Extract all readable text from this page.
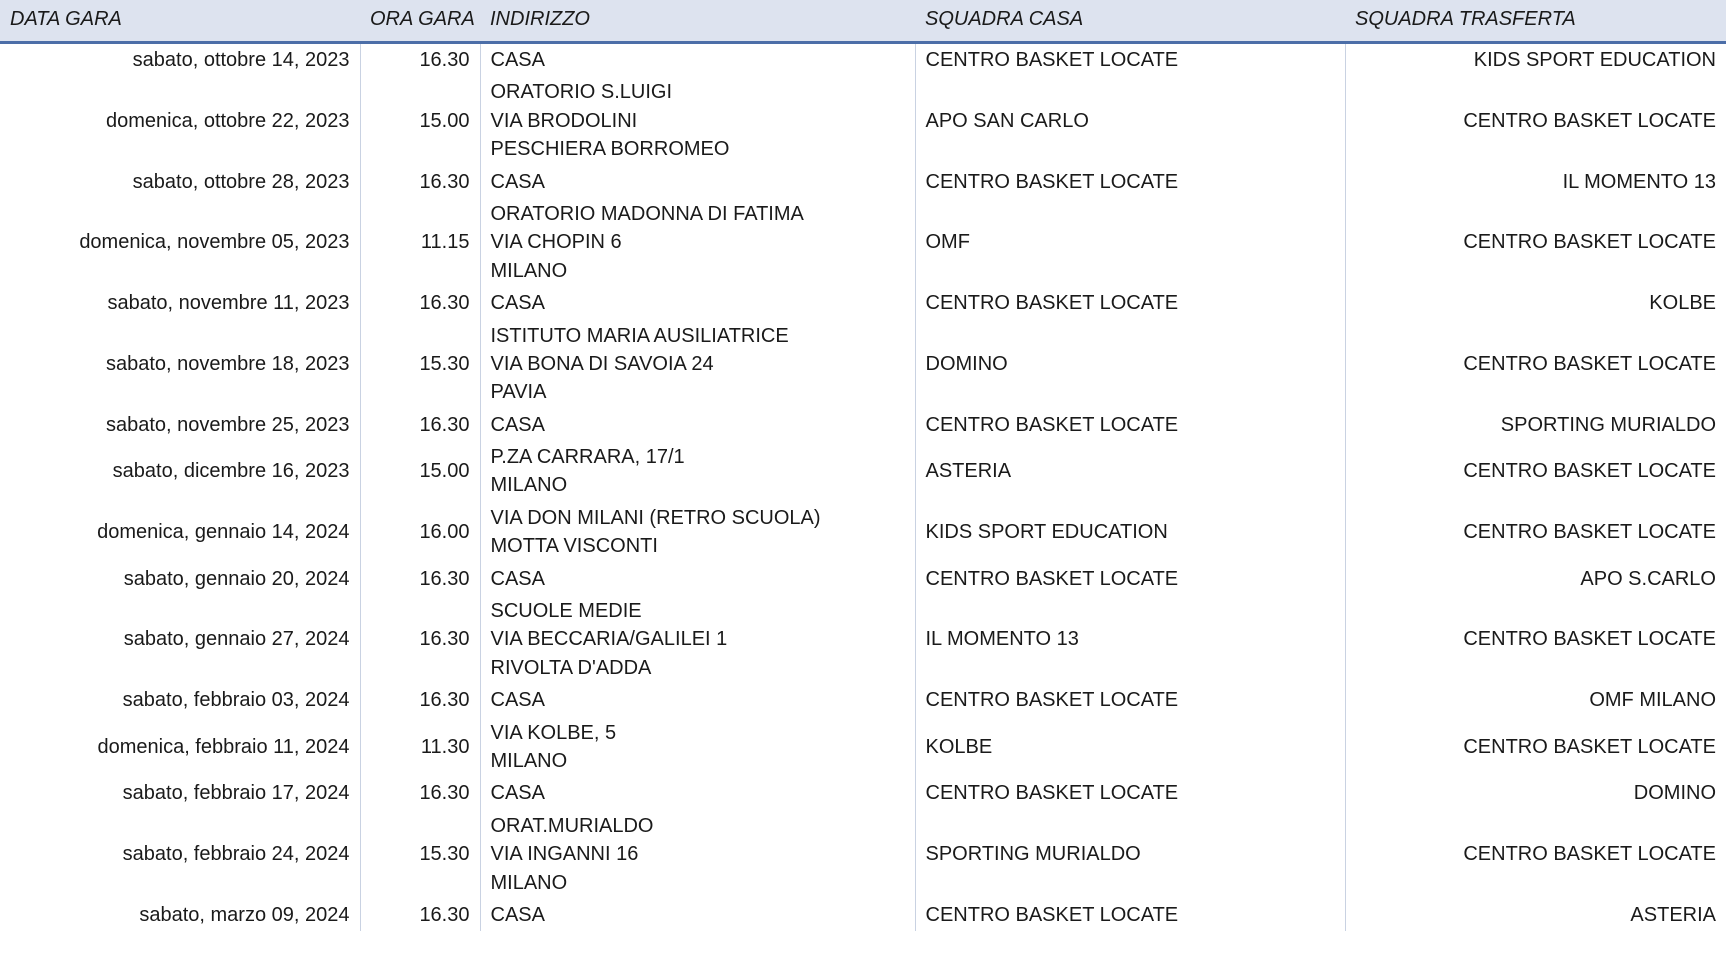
DATA GARA	ORA GARA	INDIRIZZO	SQUADRA CASA	SQUADRA TRASFERTA
sabato, ottobre 14, 2023	16.30	CASA	CENTRO BASKET LOCATE	KIDS SPORT EDUCATION
domenica, ottobre 22, 2023	15.00	ORATORIO S.LUIGI
VIA BRODOLINI
PESCHIERA BORROMEO	APO SAN CARLO	CENTRO BASKET LOCATE
sabato, ottobre 28, 2023	16.30	CASA	CENTRO BASKET LOCATE	IL MOMENTO 13
domenica, novembre 05, 2023	11.15	ORATORIO MADONNA DI FATIMA
VIA CHOPIN 6
MILANO	OMF	CENTRO BASKET LOCATE
sabato, novembre 11, 2023	16.30	CASA	CENTRO BASKET LOCATE	KOLBE
sabato, novembre 18, 2023	15.30	ISTITUTO MARIA AUSILIATRICE
VIA BONA DI SAVOIA 24
PAVIA	DOMINO	CENTRO BASKET LOCATE
sabato, novembre 25, 2023	16.30	CASA	CENTRO BASKET LOCATE	SPORTING MURIALDO
sabato, dicembre 16, 2023	15.00	P.ZA CARRARA, 17/1
MILANO	ASTERIA	CENTRO BASKET LOCATE
domenica, gennaio 14, 2024	16.00	VIA DON MILANI (RETRO SCUOLA)
MOTTA VISCONTI	KIDS SPORT EDUCATION	CENTRO BASKET LOCATE
sabato, gennaio 20, 2024	16.30	CASA	CENTRO BASKET LOCATE	APO S.CARLO
sabato, gennaio 27, 2024	16.30	SCUOLE MEDIE
VIA BECCARIA/GALILEI 1
RIVOLTA D'ADDA	IL MOMENTO 13	CENTRO BASKET LOCATE
sabato, febbraio 03, 2024	16.30	CASA	CENTRO BASKET LOCATE	OMF MILANO
domenica, febbraio 11, 2024	11.30	VIA KOLBE, 5
MILANO	KOLBE	CENTRO BASKET LOCATE
sabato, febbraio 17, 2024	16.30	CASA	CENTRO BASKET LOCATE	DOMINO
sabato, febbraio 24, 2024	15.30	ORAT.MURIALDO
VIA INGANNI 16
MILANO	SPORTING MURIALDO	CENTRO BASKET LOCATE
sabato, marzo 09, 2024	16.30	CASA	CENTRO BASKET LOCATE	ASTERIA
